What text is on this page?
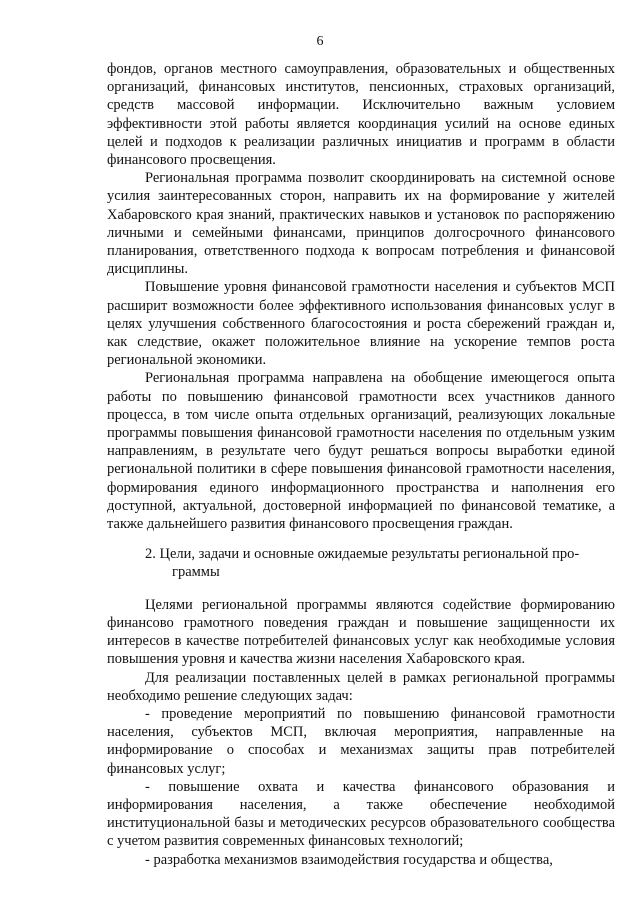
6

фондов, органов местного самоуправления, образовательных и общественных организаций, финансовых институтов, пенсионных, страховых организаций, средств массовой информации. Исключительно важным условием эффективности этой работы является координация усилий на основе единых целей и подходов к реализации различных инициатив и программ в области финансового просвещения.

Региональная программа позволит скоординировать на системной основе усилия заинтересованных сторон, направить их на формирование у жителей Хабаровского края знаний, практических навыков и установок по распоряжению личными и семейными финансами, принципов долгосрочного финансового планирования, ответственного подхода к вопросам потребления и финансовой дисциплины.

Повышение уровня финансовой грамотности населения и субъектов МСП расширит возможности более эффективного использования финансовых услуг в целях улучшения собственного благосостояния и роста сбережений граждан и, как следствие, окажет положительное влияние на ускорение темпов роста региональной экономики.

Региональная программа направлена на обобщение имеющегося опыта работы по повышению финансовой грамотности всех участников данного процесса, в том числе опыта отдельных организаций, реализующих локальные программы повышения финансовой грамотности населения по отдельным узким направлениям, в результате чего будут решаться вопросы выработки единой региональной политики в сфере повышения финансовой грамотности населения, формирования единого информационного пространства и наполнения его доступной, актуальной, достоверной информацией по финансовой тематике, а также дальнейшего развития финансового просвещения граждан.

2. Цели, задачи и основные ожидаемые результаты региональной про-
граммы

Целями региональной программы являются содействие формированию финансово грамотного поведения граждан и повышение защищенности их интересов в качестве потребителей финансовых услуг как необходимые условия повышения уровня и качества жизни населения Хабаровского края.

Для реализации поставленных целей в рамках региональной программы необходимо решение следующих задач:

- проведение мероприятий по повышению финансовой грамотности населения, субъектов МСП, включая мероприятия, направленные на информирование о способах и механизмах защиты прав потребителей финансовых услуг;

- повышение охвата и качества финансового образования и информирования населения, а также обеспечение необходимой институциональной базы и методических ресурсов образовательного сообщества с учетом развития современных финансовых технологий;

- разработка механизмов взаимодействия государства и общества,
